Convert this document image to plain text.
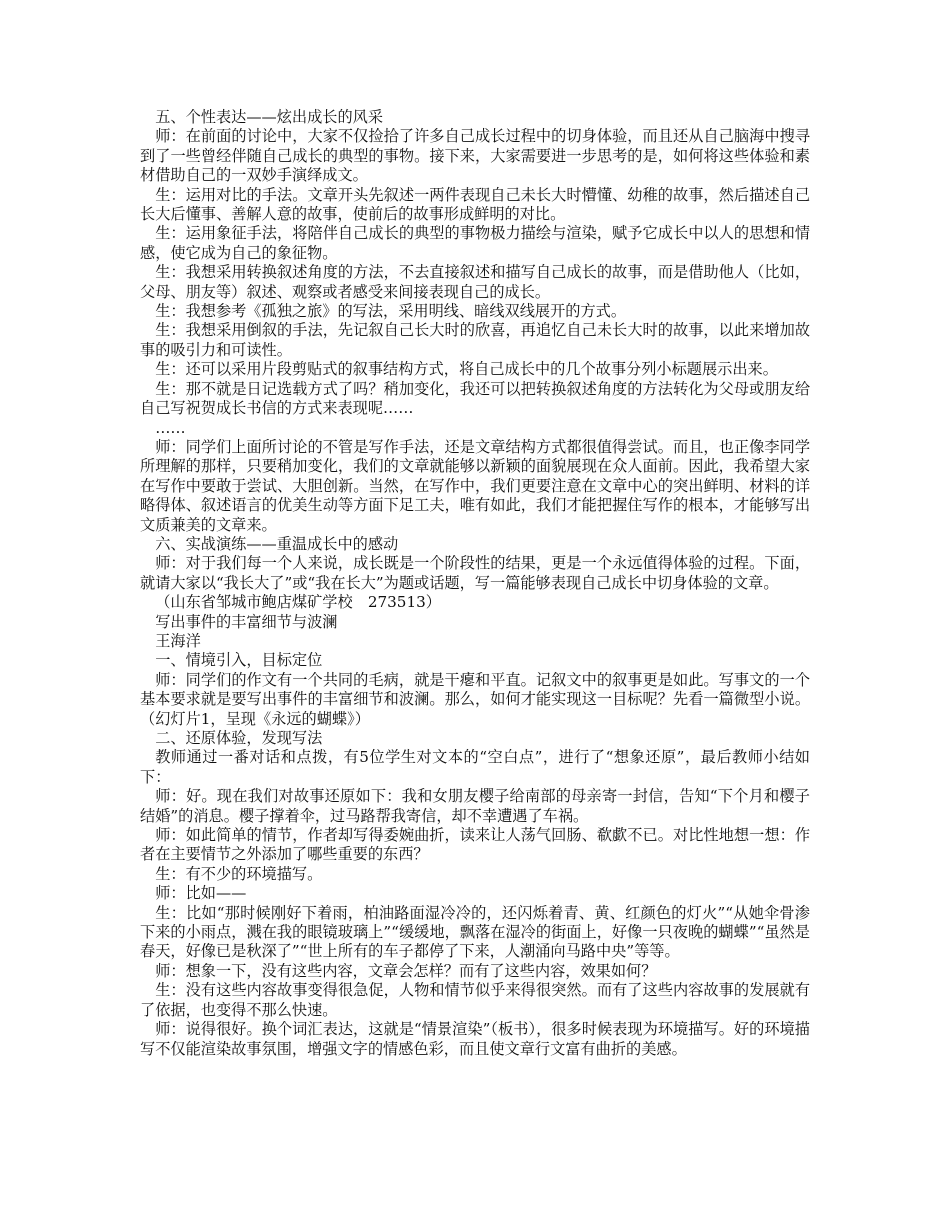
五、个性表达——炫出成长的风采

师：在前面的讨论中，大家不仅捡拾了许多自己成长过程中的切身体验，而且还从自己脑海中搜寻到了一些曾经伴随自己成长的典型的事物。接下来，大家需要进一步思考的是，如何将这些体验和素材借助自己的一双妙手演绎成文。

生：运用对比的手法。文章开头先叙述一两件表现自己未长大时懵懂、幼稚的故事，然后描述自己长大后懂事、善解人意的故事，使前后的故事形成鲜明的对比。

生：运用象征手法，将陪伴自己成长的典型的事物极力描绘与渲染，赋予它成长中以人的思想和情感，使它成为自己的象征物。

生：我想采用转换叙述角度的方法，不去直接叙述和描写自己成长的故事，而是借助他人（比如，父母、朋友等）叙述、观察或者感受来间接表现自己的成长。

生：我想参考《孤独之旅》的写法，采用明线、暗线双线展开的方式。

生：我想采用倒叙的手法，先记叙自己长大时的欣喜，再追忆自己未长大时的故事，以此来增加故事的吸引力和可读性。

生：还可以采用片段剪贴式的叙事结构方式，将自己成长中的几个故事分列小标题展示出来。

生：那不就是日记选载方式了吗？稍加变化，我还可以把转换叙述角度的方法转化为父母或朋友给自己写祝贺成长书信的方式来表现呢……

……

师：同学们上面所讨论的不管是写作手法，还是文章结构方式都很值得尝试。而且，也正像李同学所理解的那样，只要稍加变化，我们的文章就能够以新颖的面貌展现在众人面前。因此，我希望大家在写作中要敢于尝试、大胆创新。当然，在写作中，我们更要注意在文章中心的突出鲜明、材料的详略得体、叙述语言的优美生动等方面下足工夫，唯有如此，我们才能把握住写作的根本，才能够写出文质兼美的文章来。

六、实战演练——重温成长中的感动

师：对于我们每一个人来说，成长既是一个阶段性的结果，更是一个永远值得体验的过程。下面，就请大家以“我长大了”或“我在长大”为题或话题，写一篇能够表现自己成长中切身体验的文章。

（山东省邹城市鲍店煤矿学校　273513）

写出事件的丰富细节与波澜

王海洋

一、情境引入，目标定位

师：同学们的作文有一个共同的毛病，就是干瘪和平直。记叙文中的叙事更是如此。写事文的一个基本要求就是要写出事件的丰富细节和波澜。那么，如何才能实现这一目标呢？先看一篇微型小说。（幻灯片1，呈现《永远的蝴蝶》）

二、还原体验，发现写法

教师通过一番对话和点拨，有5位学生对文本的“空白点”，进行了“想象还原”，最后教师小结如下：

师：好。现在我们对故事还原如下：我和女朋友樱子给南部的母亲寄一封信，告知“下个月和樱子结婚”的消息。樱子撑着伞，过马路帮我寄信，却不幸遭遇了车祸。

师：如此简单的情节，作者却写得委婉曲折，读来让人荡气回肠、欷歔不已。对比性地想一想：作者在主要情节之外添加了哪些重要的东西？

生：有不少的环境描写。

师：比如——

生：比如“那时候刚好下着雨，柏油路面湿冷冷的，还闪烁着青、黄、红颜色的灯火”“从她伞骨渗下来的小雨点，溅在我的眼镜玻璃上”“缓缓地，飘落在湿冷的街面上，好像一只夜晚的蝴蝶”“虽然是春天，好像已是秋深了”“世上所有的车子都停了下来，人潮涌向马路中央”等等。

师：想象一下，没有这些内容，文章会怎样？而有了这些内容，效果如何？

生：没有这些内容故事变得很急促，人物和情节似乎来得很突然。而有了这些内容故事的发展就有了依据，也变得不那么快速。

师：说得很好。换个词汇表达，这就是“情景渲染”（板书），很多时候表现为环境描写。好的环境描写不仅能渲染故事氛围，增强文字的情感色彩，而且使文章行文富有曲折的美感。
